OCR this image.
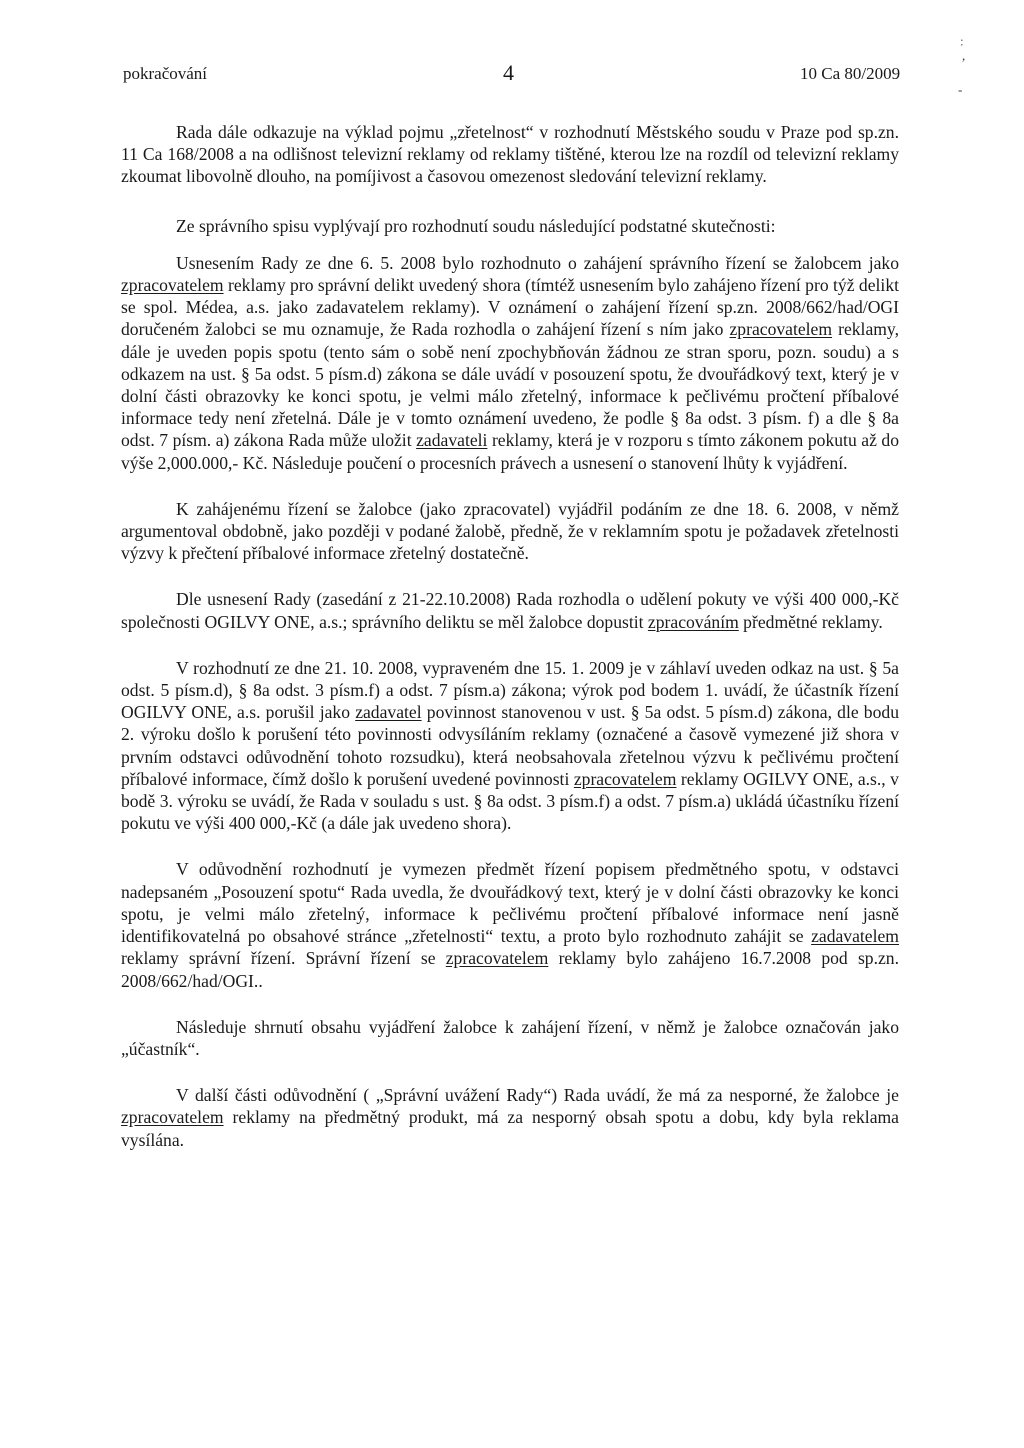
pokračování	4	10 Ca 80/2009
˸
,
-

Rada dále odkazuje na výklad pojmu „zřetelnost“ v rozhodnutí Městského soudu v Praze pod sp.zn. 11 Ca 168/2008 a na odlišnost televizní reklamy od reklamy tištěné, kterou lze na rozdíl od televizní reklamy zkoumat libovolně dlouho, na pomíjivost a časovou omezenost sledování televizní reklamy.

Ze správního spisu vyplývají pro rozhodnutí soudu následující podstatné skutečnosti:

Usnesením Rady ze dne 6. 5. 2008 bylo rozhodnuto o zahájení správního řízení se žalobcem jako zpracovatelem reklamy pro správní delikt uvedený shora (tímtéž usnesením bylo zahájeno řízení pro týž delikt se spol. Médea, a.s. jako zadavatelem reklamy). V oznámení o zahájení řízení sp.zn. 2008/662/had/OGI doručeném žalobci se mu oznamuje, že Rada rozhodla o zahájení řízení s ním jako zpracovatelem reklamy, dále je uveden popis spotu (tento sám o sobě není zpochybňován žádnou ze stran sporu, pozn. soudu) a s odkazem na ust. § 5a odst. 5 písm.d) zákona se dále uvádí v posouzení spotu, že dvouřádkový text, který je v dolní části obrazovky ke konci spotu, je velmi málo zřetelný, informace k pečlivému pročtení příbalové informace tedy není zřetelná. Dále je v tomto oznámení uvedeno, že podle § 8a odst. 3 písm. f) a dle § 8a odst. 7 písm. a) zákona Rada může uložit zadavateli reklamy, která je v rozporu s tímto zákonem pokutu až do výše 2,000.000,- Kč. Následuje poučení o procesních právech a usnesení o stanovení lhůty k vyjádření.

K zahájenému řízení se žalobce (jako zpracovatel) vyjádřil podáním ze dne 18. 6. 2008, v němž argumentoval obdobně, jako později v podané žalobě, předně, že v reklamním spotu je požadavek zřetelnosti výzvy k přečtení příbalové informace zřetelný dostatečně.

Dle usnesení Rady (zasedání z 21-22.10.2008) Rada rozhodla o udělení pokuty ve výši 400 000,-Kč společnosti OGILVY ONE, a.s.; správního deliktu se měl žalobce dopustit zpracováním předmětné reklamy.

V rozhodnutí ze dne 21. 10. 2008, vypraveném dne 15. 1. 2009 je v záhlaví uveden odkaz na ust. § 5a odst. 5 písm.d), § 8a odst. 3 písm.f) a odst. 7 písm.a) zákona; výrok pod bodem 1. uvádí, že účastník řízení OGILVY ONE, a.s. porušil jako zadavatel povinnost stanovenou v ust. § 5a odst. 5 písm.d) zákona, dle bodu 2. výroku došlo k porušení této povinnosti odvysíláním reklamy (označené a časově vymezené již shora v prvním odstavci odůvodnění tohoto rozsudku), která neobsahovala zřetelnou výzvu k pečlivému pročtení příbalové informace, čímž došlo k porušení uvedené povinnosti zpracovatelem reklamy OGILVY ONE, a.s., v bodě 3. výroku se uvádí, že Rada v souladu s ust. § 8a odst. 3 písm.f) a odst. 7 písm.a) ukládá účastníku řízení pokutu ve výši 400 000,-Kč (a dále jak uvedeno shora).

V odůvodnění rozhodnutí je vymezen předmět řízení popisem předmětného spotu, v odstavci nadepsaném „Posouzení spotu“ Rada uvedla, že dvouřádkový text, který je v dolní části obrazovky ke konci spotu, je velmi málo zřetelný, informace k pečlivému pročtení příbalové informace není jasně identifikovatelná po obsahové stránce „zřetelnosti“ textu, a proto bylo rozhodnuto zahájit se zadavatelem reklamy správní řízení. Správní řízení se zpracovatelem reklamy bylo zahájeno 16.7.2008 pod sp.zn. 2008/662/had/OGI..

Následuje shrnutí obsahu vyjádření žalobce k zahájení řízení, v němž je žalobce označován jako „účastník“.

V další části odůvodnění ( „Správní uvážení Rady“) Rada uvádí, že má za nesporné, že žalobce je zpracovatelem reklamy na předmětný produkt, má za nesporný obsah spotu a dobu, kdy byla reklama vysílána.
